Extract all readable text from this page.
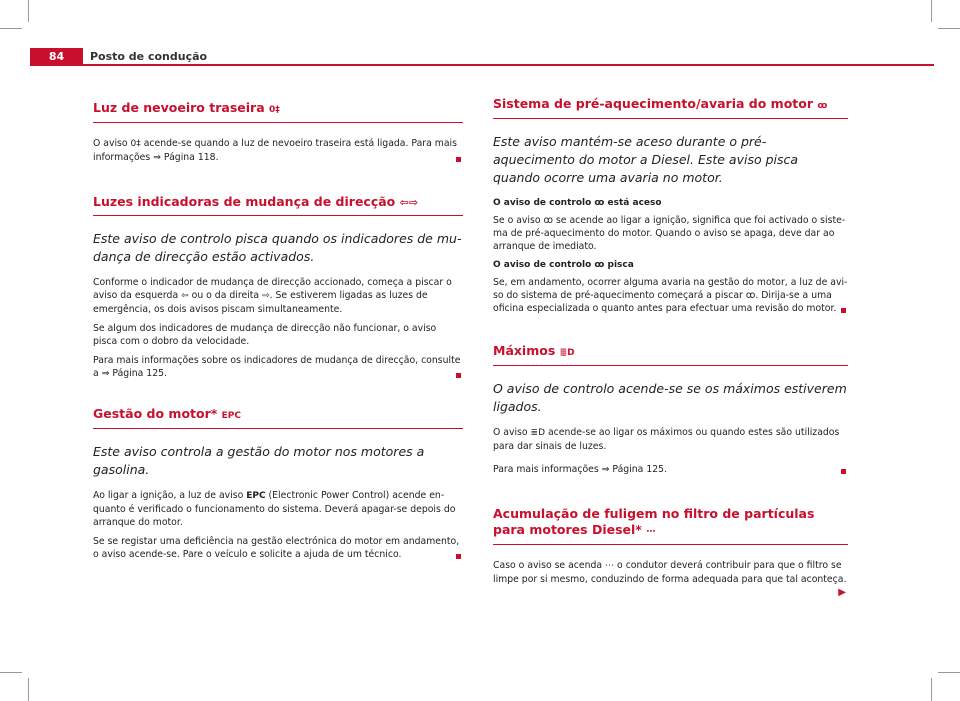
84	Posto de condução
Luz de nevoeiro traseira 0‡

O aviso 0‡ acende-se quando a luz de nevoeiro traseira está ligada. Para mais informações ⇒ Página 118.

Luzes indicadoras de mudança de direcção ⇦⇨
Este aviso de controlo pisca quando os indicadores de mudança de direcção estão activados.

Conforme o indicador de mudança de direcção accionado, começa a piscar o aviso da esquerda ⇦ ou o da direita ⇨. Se estiverem ligadas as luzes de emergência, os dois avisos piscam simultaneamente.

Se algum dos indicadores de mudança de direcção não funcionar, o aviso pisca com o dobro da velocidade.

Para mais informações sobre os indicadores de mudança de direcção, consulte a ⇒ Página 125.

Gestão do motor* EPC
Este aviso controla a gestão do motor nos motores a gasolina.

Ao ligar a ignição, a luz de aviso EPC (Electronic Power Control) acende enquanto é verificado o funcionamento do sistema. Deverá apagar-se depois do arranque do motor.

Se se registar uma deficiência na gestão electrónica do motor em andamento, o aviso acende-se. Pare o veículo e solicite a ajuda de um técnico.

Sistema de pré-aquecimento/avaria do motor ꝏ
Este aviso mantém-se aceso durante o pré-aquecimento do motor a Diesel. Este aviso pisca quando ocorre uma avaria no motor.

O aviso de controlo ꝏ está aceso

Se o aviso ꝏ se acende ao ligar a ignição, significa que foi activado o sistema de pré-aquecimento do motor. Quando o aviso se apaga, deve dar ao arranque de imediato.

O aviso de controlo ꝏ pisca

Se, em andamento, ocorrer alguma avaria na gestão do motor, a luz de aviso do sistema de pré-aquecimento começará a piscar ꝏ. Dirija-se a uma oficina especializada o quanto antes para efectuar uma revisão do motor.

Máximos ≣D
O aviso de controlo acende-se se os máximos estiverem ligados.

O aviso ≣D acende-se ao ligar os máximos ou quando estes são utilizados para dar sinais de luzes.

Para mais informações ⇒ Página 125.

Acumulação de fuligem no filtro de partículas para motores Diesel* ⋯

Caso o aviso se acenda ⋯ o condutor deverá contribuir para que o filtro se limpe por si mesmo, conduzindo de forma adequada para que tal aconteça.
▶
